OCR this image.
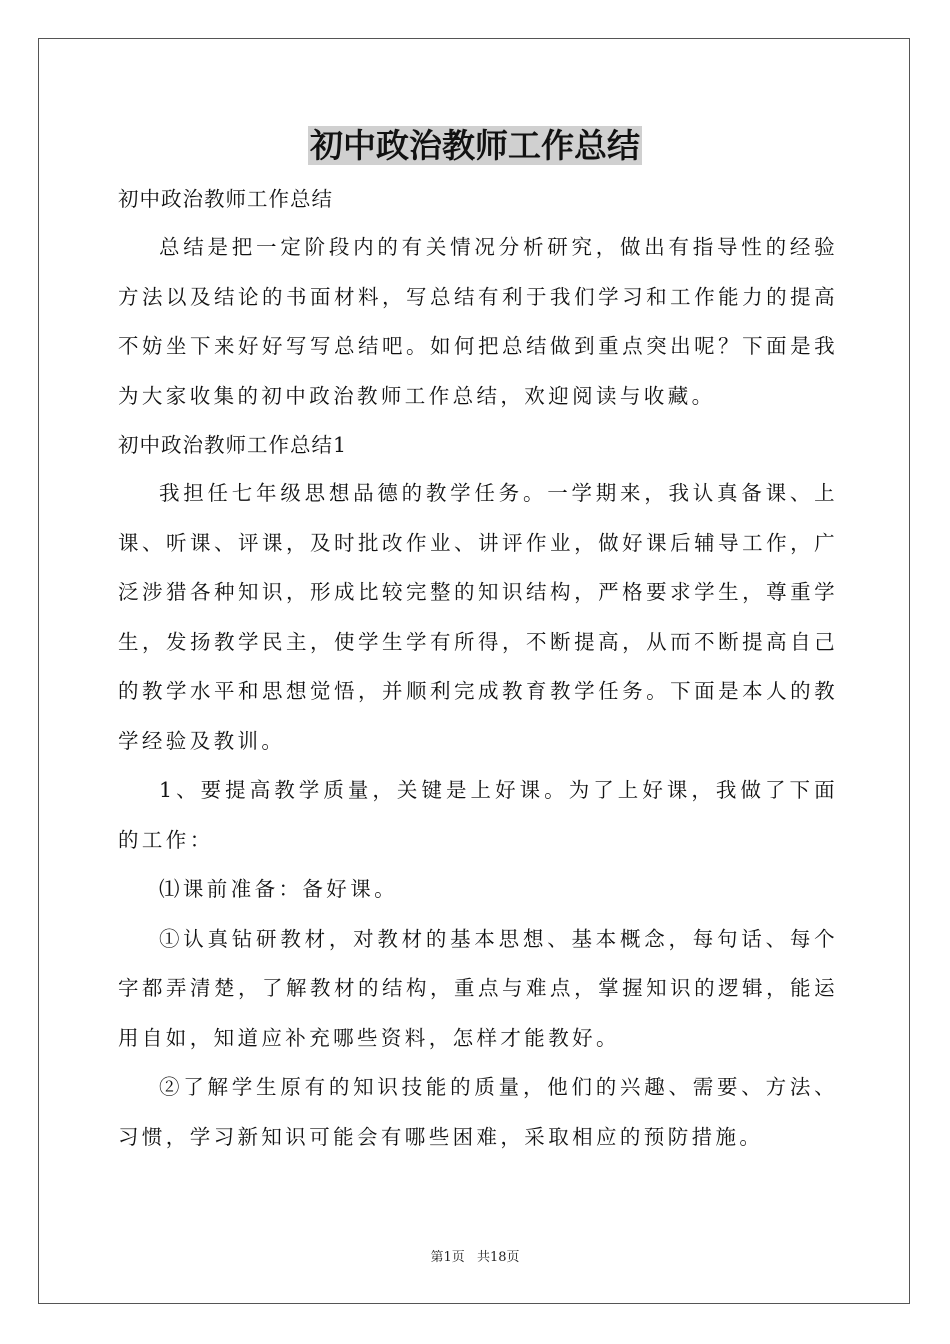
初中政治教师工作总结

初中政治教师工作总结

总结是把一定阶段内的有关情况分析研究，做出有指导性的经验方法以及结论的书面材料，写总结有利于我们学习和工作能力的提高不妨坐下来好好写写总结吧。如何把总结做到重点突出呢？下面是我为大家收集的初中政治教师工作总结，欢迎阅读与收藏。

初中政治教师工作总结1

我担任七年级思想品德的教学任务。一学期来，我认真备课、上课、听课、评课，及时批改作业、讲评作业，做好课后辅导工作，广泛涉猎各种知识，形成比较完整的知识结构，严格要求学生，尊重学生，发扬教学民主，使学生学有所得，不断提高，从而不断提高自己的教学水平和思想觉悟，并顺利完成教育教学任务。下面是本人的教学经验及教训。

1、要提高教学质量，关键是上好课。为了上好课，我做了下面的工作：

⑴课前准备：备好课。

①认真钻研教材，对教材的基本思想、基本概念，每句话、每个字都弄清楚，了解教材的结构，重点与难点，掌握知识的逻辑，能运用自如，知道应补充哪些资料，怎样才能教好。

②了解学生原有的知识技能的质量，他们的兴趣、需要、方法、习惯，学习新知识可能会有哪些困难，采取相应的预防措施。

第1页 共18页
